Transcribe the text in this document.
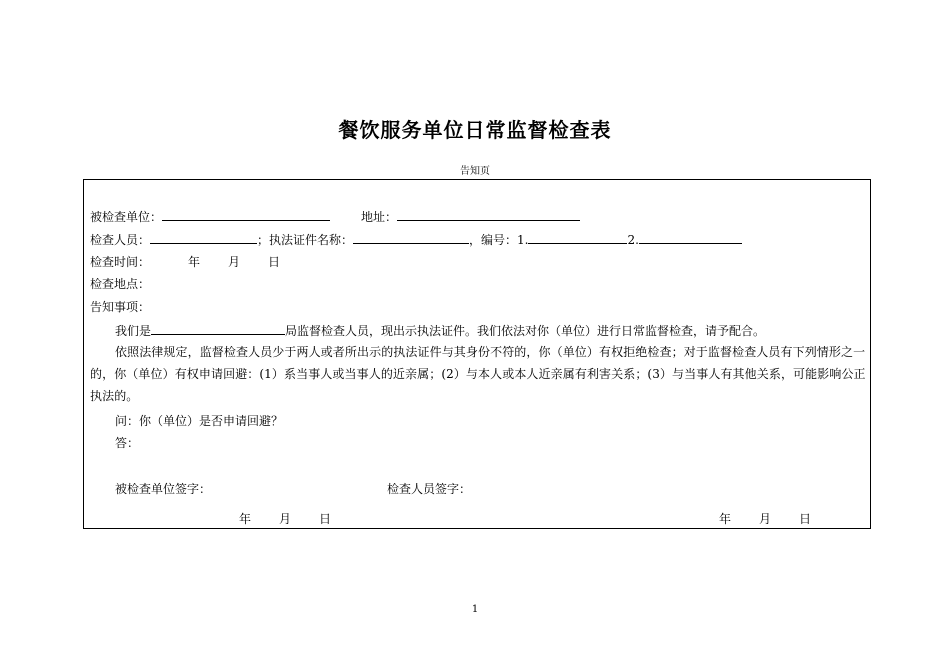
餐饮服务单位日常监督检查表
告知页
被检查单位：	地址：
检查人员：	；执法证件名称：	，编号：1.	2.
检查时间：	年 月 日
检查地点：
告知事项：
我们是	局监督检查人员，现出示执法证件。我们依法对你（单位）进行日常监督检查，请予配合。
依照法律规定，监督检查人员少于两人或者所出示的执法证件与其身份不符的，你（单位）有权拒绝检查；对于监督检查人员有下列情形之一的，你（单位）有权申请回避：(1）系当事人或当事人的近亲属；(2）与本人或本人近亲属有利害关系；(3）与当事人有其他关系，可能影响公正执法的。
问：你（单位）是否申请回避？
答：
被检查单位签字：	检查人员签字：
年 月 日	年 月 日
1
